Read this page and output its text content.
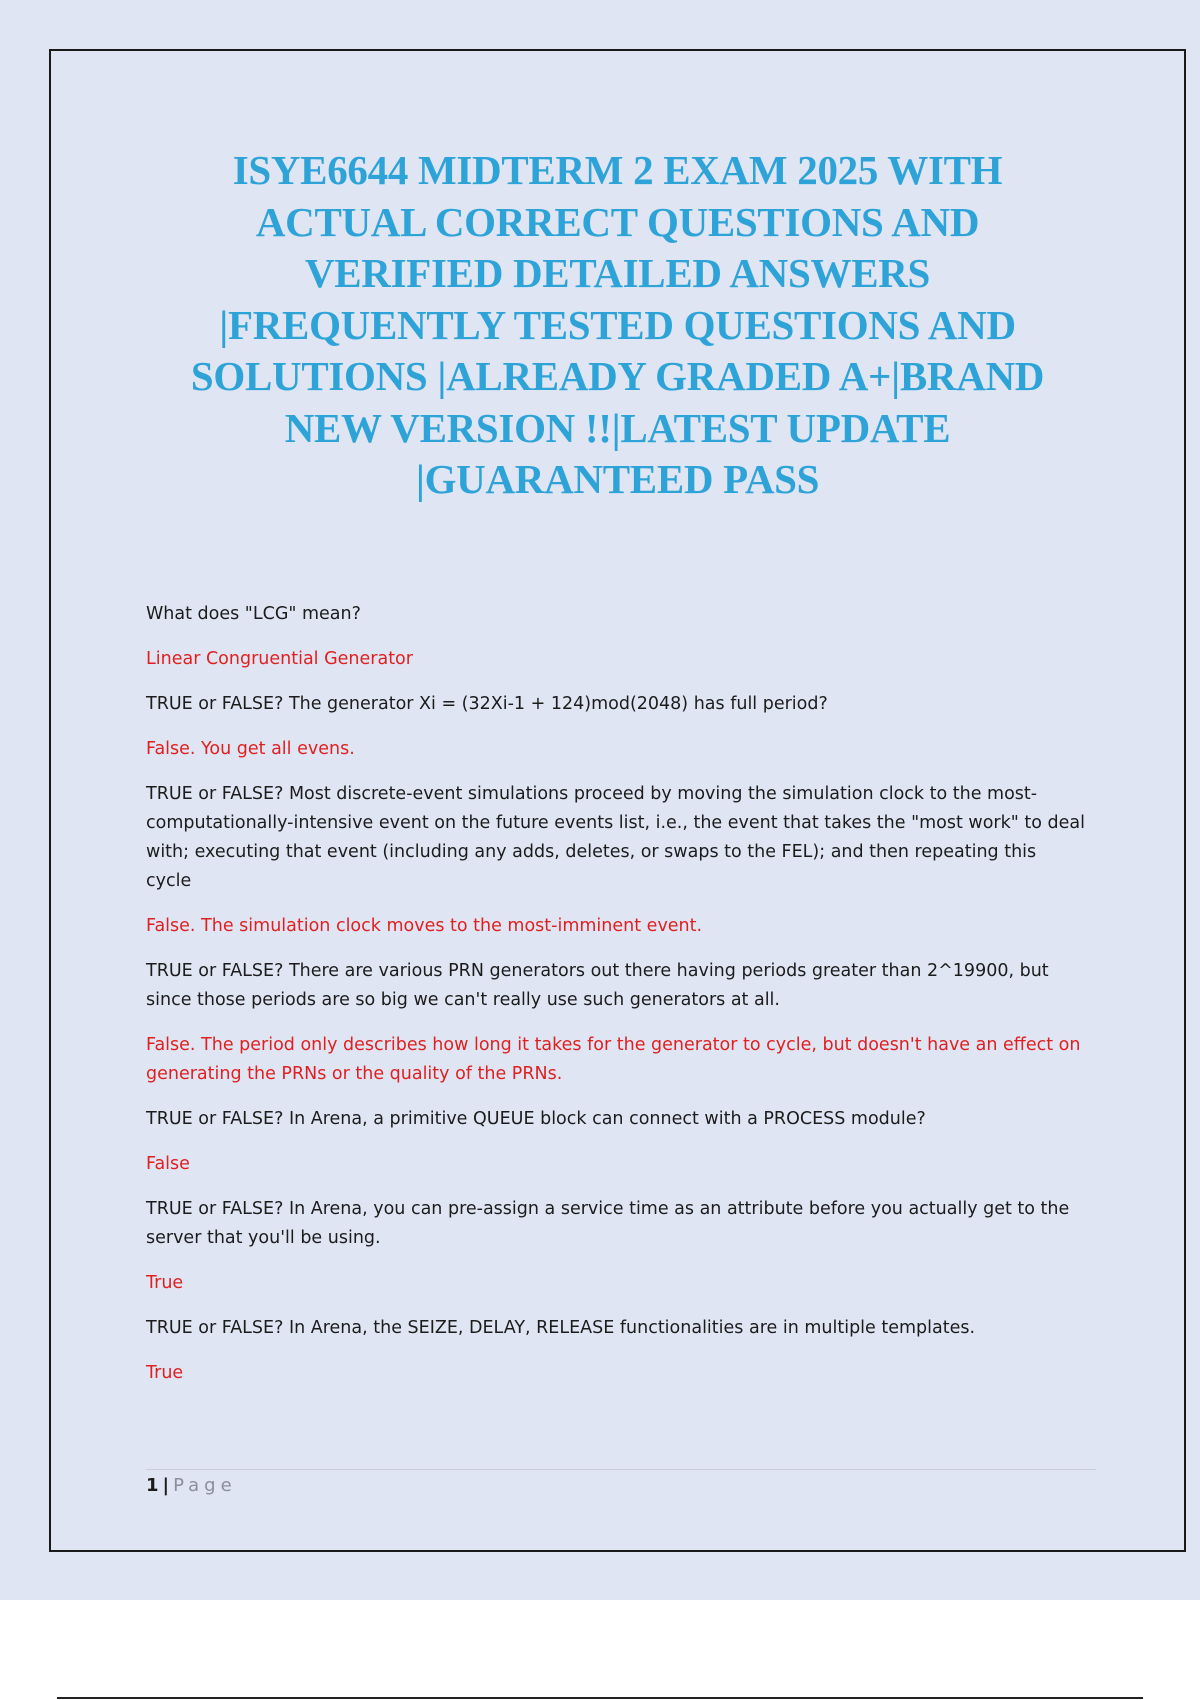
ISYE6644 MIDTERM 2 EXAM 2025 WITH
ACTUAL CORRECT QUESTIONS AND
VERIFIED DETAILED ANSWERS
|FREQUENTLY TESTED QUESTIONS AND
SOLUTIONS |ALREADY GRADED A+|BRAND
NEW VERSION !!|LATEST UPDATE
|GUARANTEED PASS

What does "LCG" mean?

Linear Congruential Generator

TRUE or FALSE? The generator Xi = (32Xi-1 + 124)mod(2048) has full period?

False. You get all evens.

TRUE or FALSE? Most discrete-event simulations proceed by moving the simulation clock to the most-computationally-intensive event on the future events list, i.e., the event that takes the "most work" to deal with; executing that event (including any adds, deletes, or swaps to the FEL); and then repeating this cycle

False. The simulation clock moves to the most-imminent event.

TRUE or FALSE? There are various PRN generators out there having periods greater than 2^19900, but since those periods are so big we can't really use such generators at all.

False. The period only describes how long it takes for the generator to cycle, but doesn't have an effect on generating the PRNs or the quality of the PRNs.

TRUE or FALSE? In Arena, a primitive QUEUE block can connect with a PROCESS module?

False

TRUE or FALSE? In Arena, you can pre-assign a service time as an attribute before you actually get to the server that you'll be using.

True

TRUE or FALSE? In Arena, the SEIZE, DELAY, RELEASE functionalities are in multiple templates.

True

1 | Page
